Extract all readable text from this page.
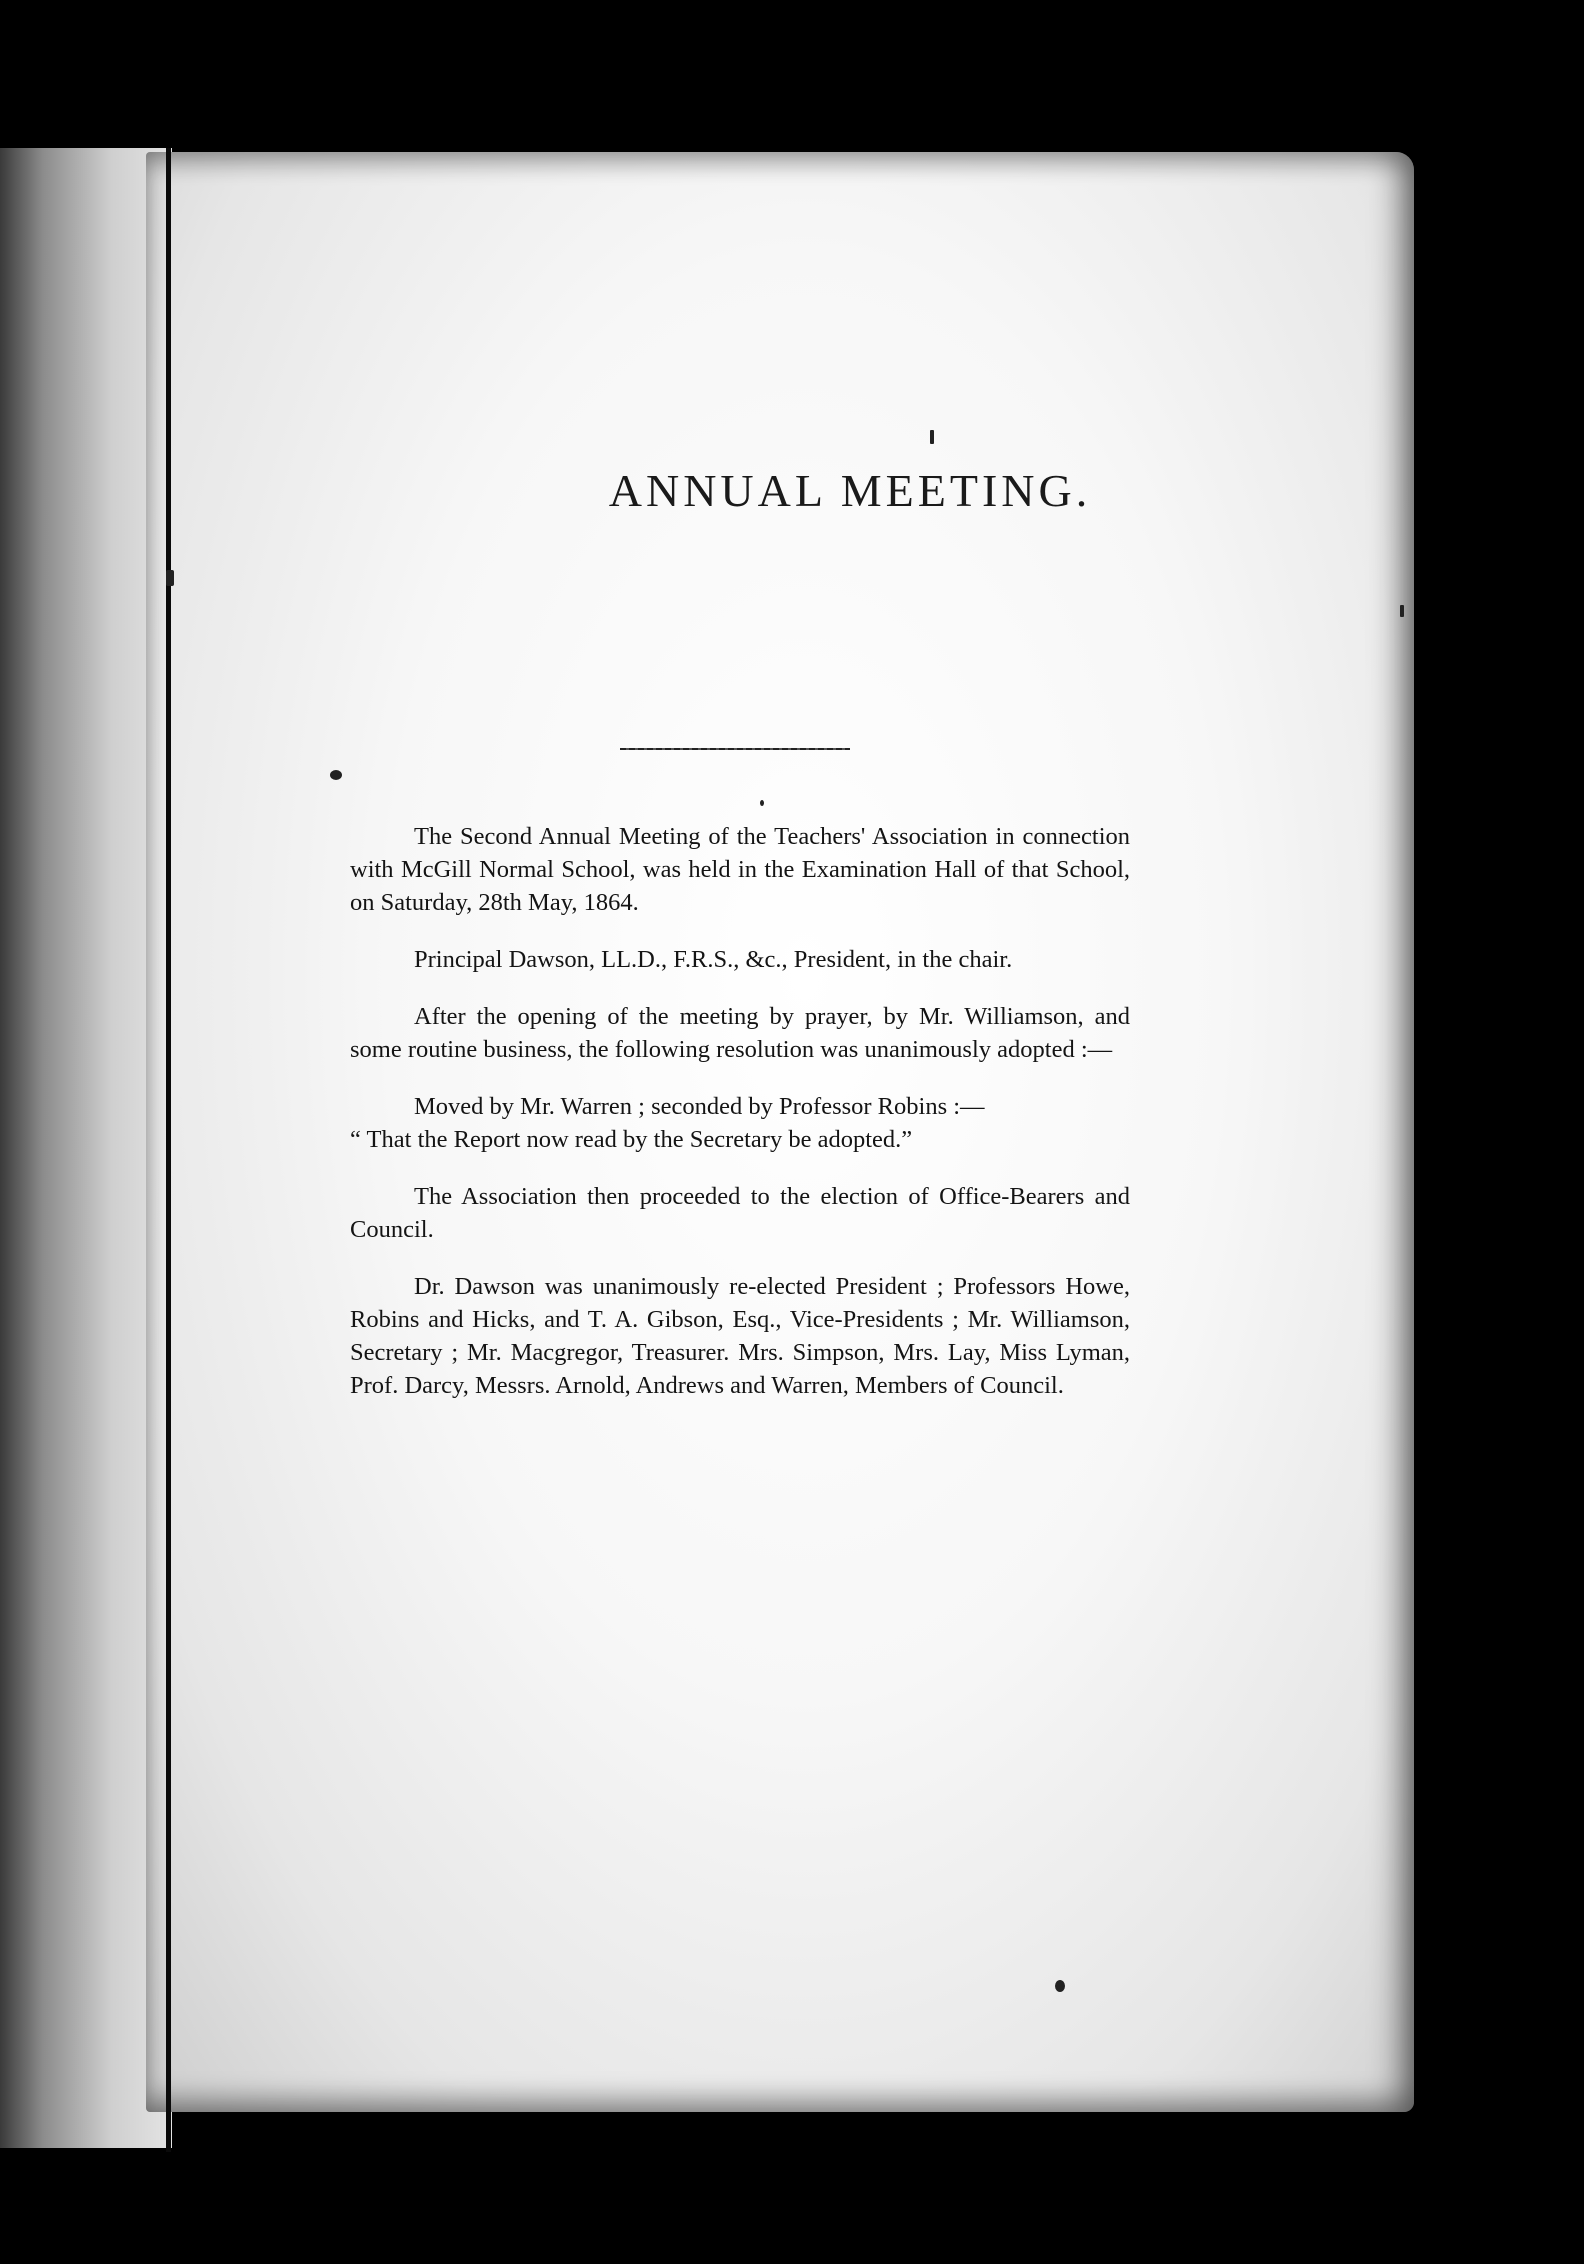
ANNUAL MEETING.

The Second Annual Meeting of the Teachers' Association in connection with McGill Normal School, was held in the Examination Hall of that School, on Saturday, 28th May, 1864.

Principal Dawson, LL.D., F.R.S., &c., President, in the chair.

After the opening of the meeting by prayer, by Mr. Williamson, and some routine business, the following resolution was unanimously adopted :—

Moved by Mr. Warren ; seconded by Professor Robins :—
“ That the Report now read by the Secretary be adopted.”

The Association then proceeded to the election of Office-Bearers and Council.

Dr. Dawson was unanimously re-elected President ; Professors Howe, Robins and Hicks, and T. A. Gibson, Esq., Vice-Presidents ; Mr. Williamson, Secretary ; Mr. Macgregor, Treasurer. Mrs. Simpson, Mrs. Lay, Miss Lyman, Prof. Darcy, Messrs. Arnold, Andrews and Warren, Members of Council.
